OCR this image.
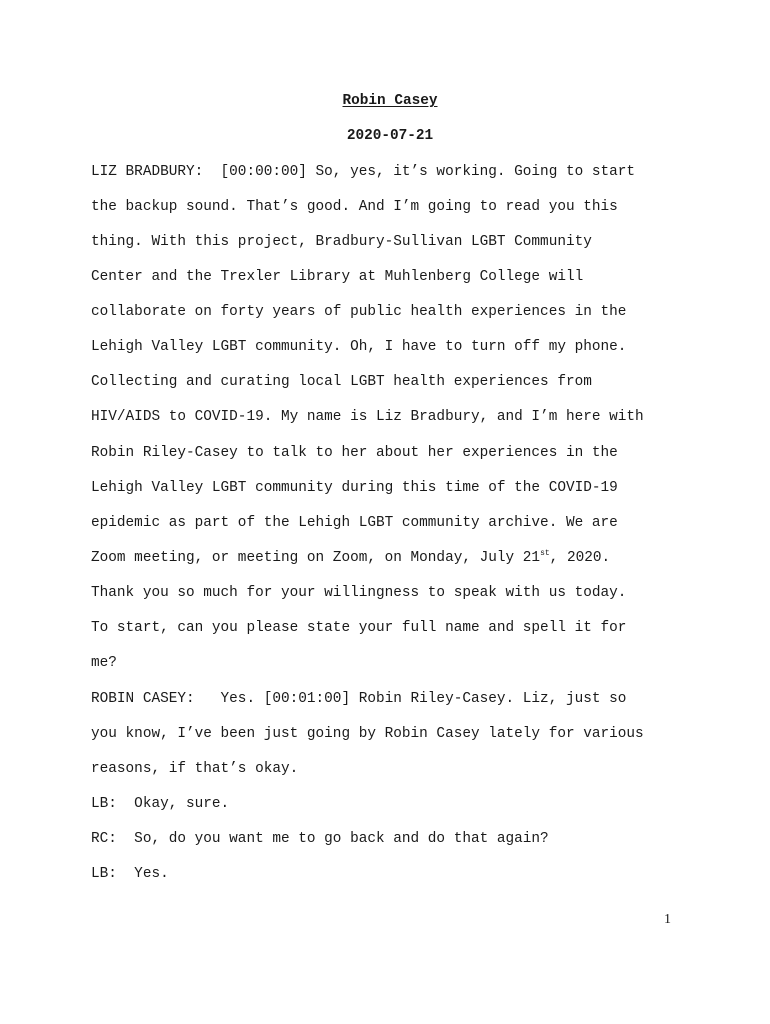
Robin Casey
2020-07-21
LIZ BRADBURY:  [00:00:00] So, yes, it’s working. Going to start
the backup sound. That’s good. And I’m going to read you this
thing. With this project, Bradbury-Sullivan LGBT Community
Center and the Trexler Library at Muhlenberg College will
collaborate on forty years of public health experiences in the
Lehigh Valley LGBT community. Oh, I have to turn off my phone.
Collecting and curating local LGBT health experiences from
HIV/AIDS to COVID-19. My name is Liz Bradbury, and I’m here with
Robin Riley-Casey to talk to her about her experiences in the
Lehigh Valley LGBT community during this time of the COVID-19
epidemic as part of the Lehigh LGBT community archive. We are
Zoom meeting, or meeting on Zoom, on Monday, July 21st, 2020.
Thank you so much for your willingness to speak with us today.
To start, can you please state your full name and spell it for
me?
ROBIN CASEY:   Yes. [00:01:00] Robin Riley-Casey. Liz, just so
you know, I’ve been just going by Robin Casey lately for various
reasons, if that’s okay.
LB:  Okay, sure.
RC:  So, do you want me to go back and do that again?
LB:  Yes.
1
